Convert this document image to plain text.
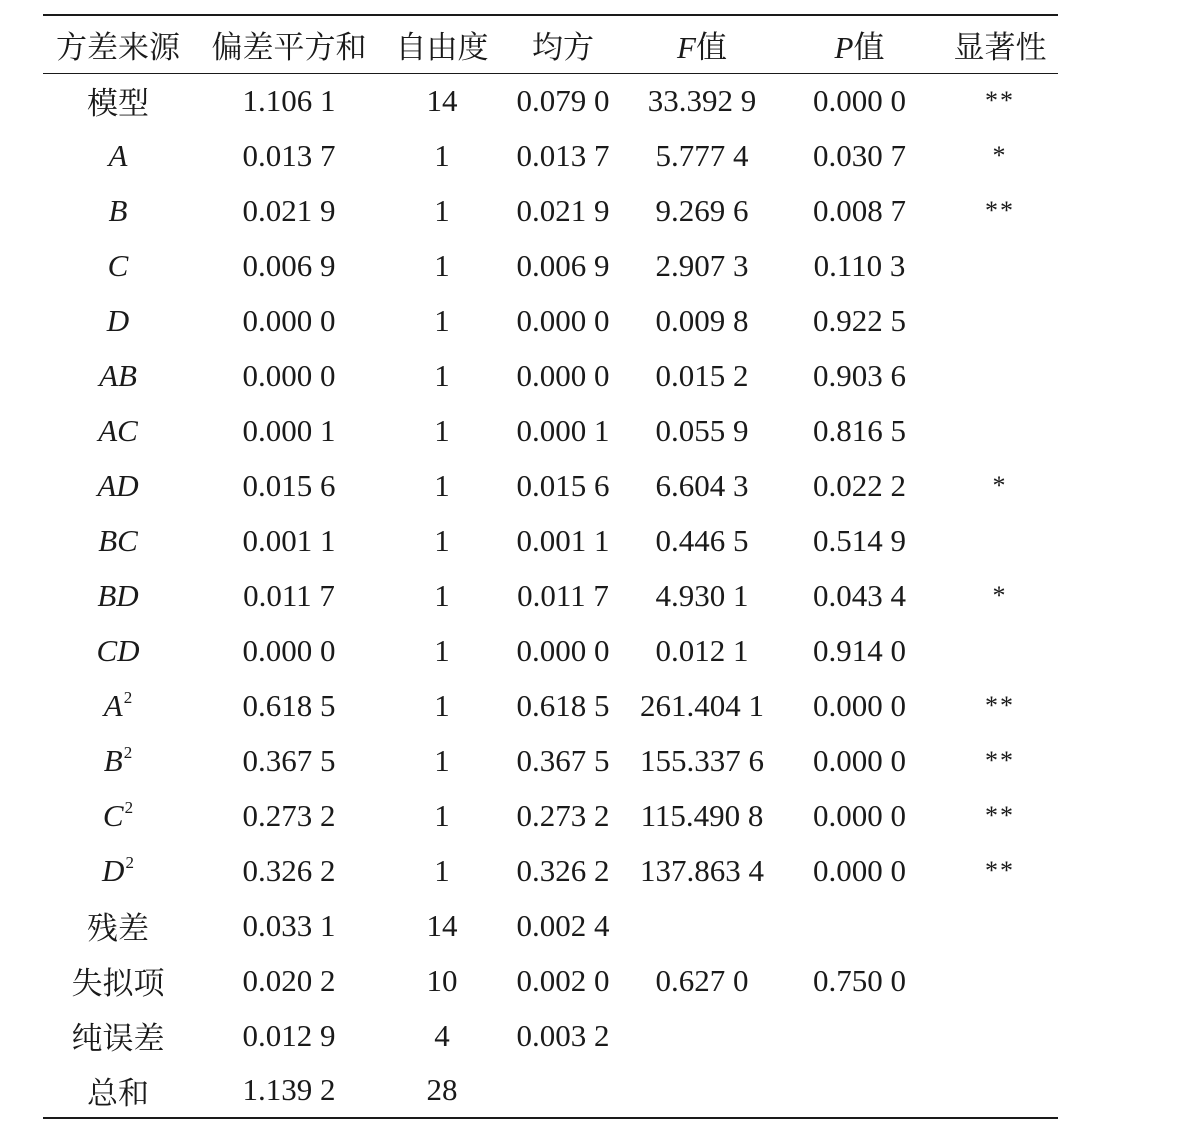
方差来源	偏差平方和	自由度	均方	F值	P值	显著性
模型	1.106 1	14	0.079 0	33.392 9	0.000 0	**
A	0.013 7	1	0.013 7	5.777 4	0.030 7	*
B	0.021 9	1	0.021 9	9.269 6	0.008 7	**
C	0.006 9	1	0.006 9	2.907 3	0.110 3	
D	0.000 0	1	0.000 0	0.009 8	0.922 5	
AB	0.000 0	1	0.000 0	0.015 2	0.903 6	
AC	0.000 1	1	0.000 1	0.055 9	0.816 5	
AD	0.015 6	1	0.015 6	6.604 3	0.022 2	*
BC	0.001 1	1	0.001 1	0.446 5	0.514 9	
BD	0.011 7	1	0.011 7	4.930 1	0.043 4	*
CD	0.000 0	1	0.000 0	0.012 1	0.914 0	
$A^2$	0.618 5	1	0.618 5	261.404 1	0.000 0	**
$B^2$	0.367 5	1	0.367 5	155.337 6	0.000 0	**
$C^2$	0.273 2	1	0.273 2	115.490 8	0.000 0	**
$D^2$	0.326 2	1	0.326 2	137.863 4	0.000 0	**
残差	0.033 1	14	0.002 4			
失拟项	0.020 2	10	0.002 0	0.627 0	0.750 0	
纯误差	0.012 9	4	0.003 2			
总和	1.139 2	28				
